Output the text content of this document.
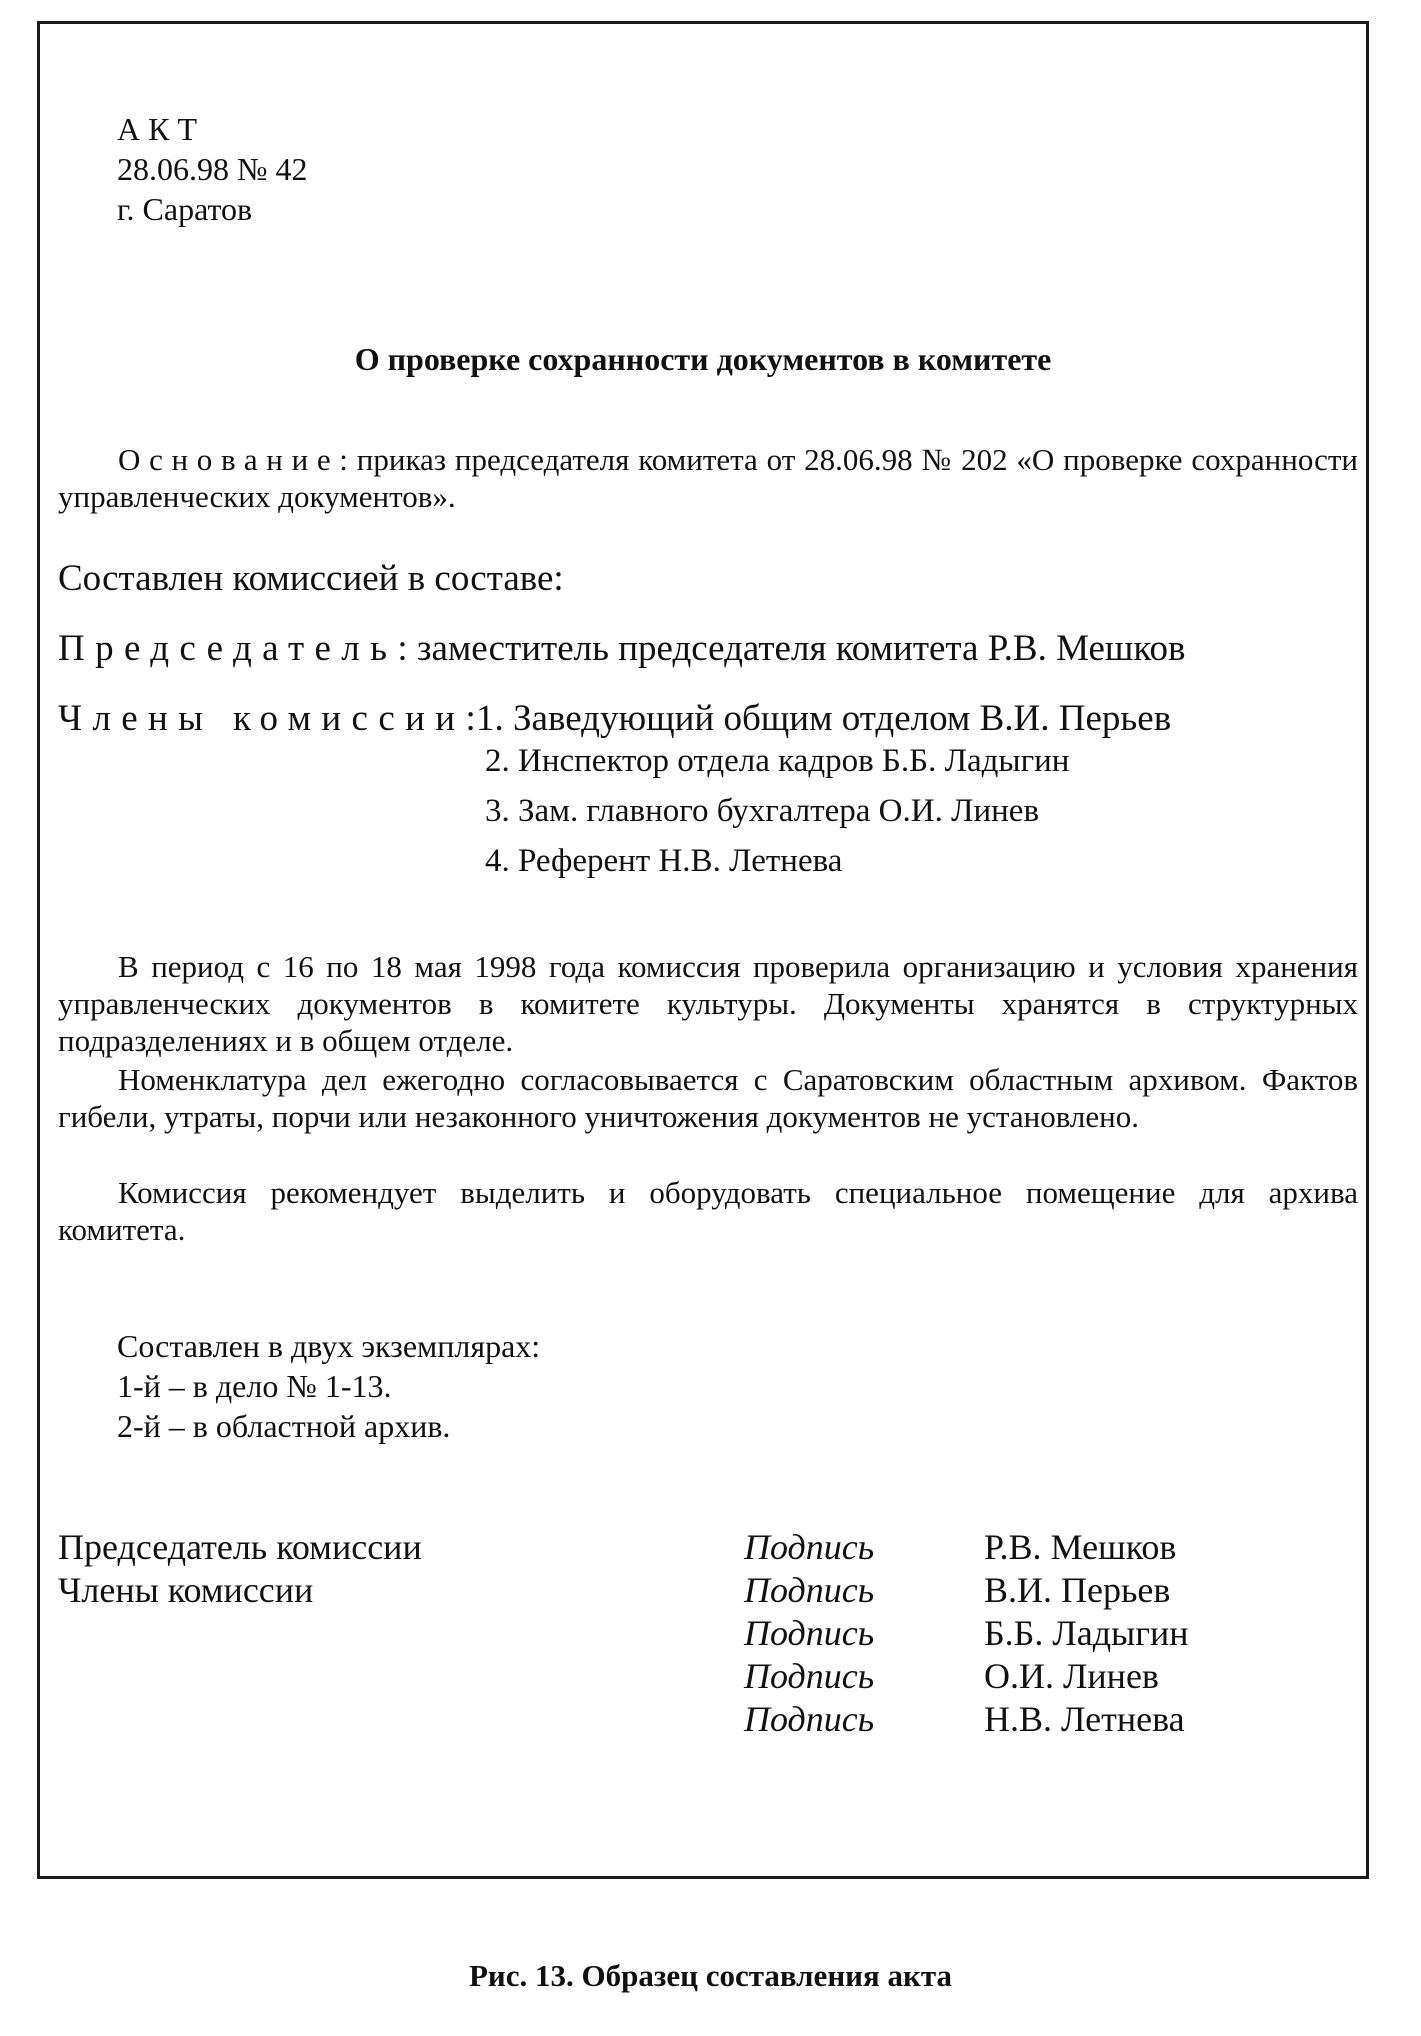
А К Т
28.06.98 № 42
г. Саратов
О проверке сохранности документов в комитете
Основание: приказ председателя комитета от 28.06.98 № 202 «О проверке сохранности управленческих документов».
Составлен комиссией в составе:
Председатель: заместитель председателя комитета Р.В. Мешков
Члены комиссии: 1. Заведующий общим отделом В.И. Перьев
2. Инспектор отдела кадров Б.Б. Ладыгин
3. Зам. главного бухгалтера О.И. Линев
4. Референт Н.В. Летнева
В период с 16 по 18 мая 1998 года комиссия проверила организацию и условия хранения управленческих документов в комитете культуры. Документы хранятся в структурных подразделениях и в общем отделе.
Номенклатура дел ежегодно согласовывается с Саратовским областным архивом. Фактов гибели, утраты, порчи или незаконного уничтожения документов не установлено.
Комиссия рекомендует выделить и оборудовать специальное помещение для архива комитета.
Составлен в двух экземплярах:
1-й – в дело № 1-13.
2-й – в областной архив.
Председатель комиссии
Члены комиссии
Подпись
Подпись
Подпись
Подпись
Подпись
Р.В. Мешков
В.И. Перьев
Б.Б. Ладыгин
О.И. Линев
Н.В. Летнева
Рис. 13. Образец составления акта
